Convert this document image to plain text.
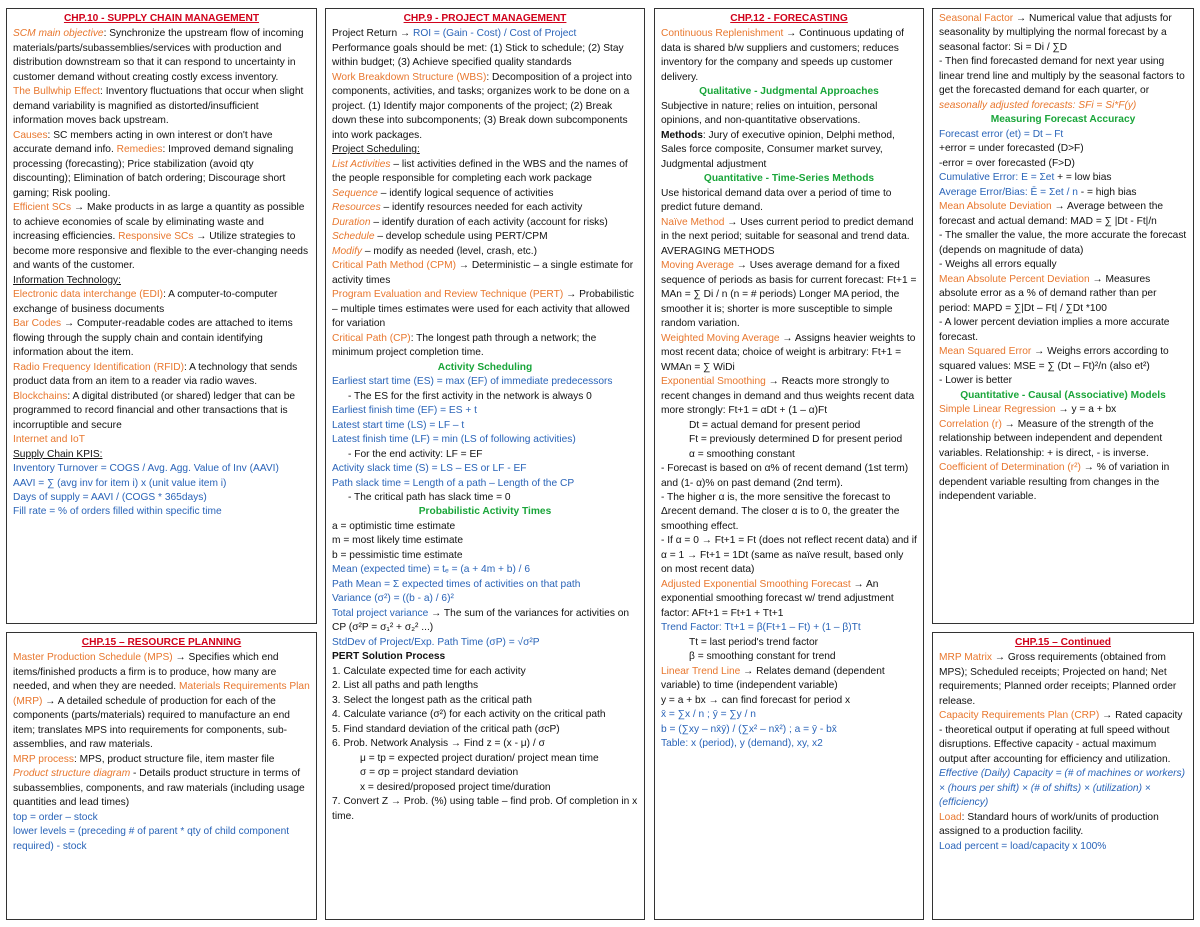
CHP.10 - SUPPLY CHAIN MANAGEMENT

SCM main objective: Synchronize the upstream flow of incoming materials/parts/subassemblies/services with production and distribution downstream so that it can respond to uncertainty in customer demand without creating costly excess inventory.

The Bullwhip Effect: Inventory fluctuations that occur when slight demand variability is magnified as distorted/insufficient information moves back upstream.

Causes: SC members acting in own interest or don't have accurate demand info. Remedies: Improved demand signaling processing (forecasting); Price stabilization (avoid qty discounting); Elimination of batch ordering; Discourage short gaming; Risk pooling.

Efficient SCs → Make products in as large a quantity as possible to achieve economies of scale by eliminating waste and increasing efficiencies. Responsive SCs → Utilize strategies to become more responsive and flexible to the ever-changing needs and wants of the customer.

Information Technology:

Electronic data interchange (EDI): A computer-to-computer exchange of business documents

Bar Codes → Computer-readable codes are attached to items flowing through the supply chain and contain identifying information about the item.

Radio Frequency Identification (RFID): A technology that sends product data from an item to a reader via radio waves.

Blockchains: A digital distributed (or shared) ledger that can be programmed to record financial and other transactions that is incorruptible and secure

Internet and IoT

Supply Chain KPIS:

Inventory Turnover = COGS / Avg. Agg. Value of Inv (AAVI)

AAVI = ∑ (avg inv for item i) x (unit value item i)

Days of supply = AAVI / (COGS * 365days)

Fill rate = % of orders filled within specific time

CHP.15 – RESOURCE PLANNING

Master Production Schedule (MPS) → Specifies which end items/finished products a firm is to produce, how many are needed, and when they are needed. Materials Requirements Plan (MRP) → A detailed schedule of production for each of the components (parts/materials) required to manufacture an end item; translates MPS into requirements for components, sub-assemblies, and raw materials.

MRP process: MPS, product structure file, item master file

Product structure diagram - Details product structure in terms of subassemblies, components, and raw materials (including usage quantities and lead times)

top = order – stock

lower levels = (preceding # of parent * qty of child component required) - stock

CHP.9 - PROJECT MANAGEMENT

Project Return → ROI = (Gain - Cost) / Cost of Project

Performance goals should be met: (1) Stick to schedule; (2) Stay within budget; (3) Achieve specified quality standards

Work Breakdown Structure (WBS): Decomposition of a project into components, activities, and tasks; organizes work to be done on a project. (1) Identify major components of the project; (2) Break down these into subcomponents; (3) Break down subcomponents into work packages.

Project Scheduling:

List Activities – list activities defined in the WBS and the names of the people responsible for completing each work package

Sequence – identify logical sequence of activities

Resources – identify resources needed for each activity

Duration – identify duration of each activity (account for risks)

Schedule – develop schedule using PERT/CPM

Modify – modify as needed (level, crash, etc.)

Critical Path Method (CPM) → Deterministic – a single estimate for activity times

Program Evaluation and Review Technique (PERT) → Probabilistic – multiple times estimates were used for each activity that allowed for variation

Critical Path (CP): The longest path through a network; the minimum project completion time.

Activity Scheduling

Earliest start time (ES) = max (EF) of immediate predecessors

- The ES for the first activity in the network is always 0

Earliest finish time (EF) = ES + t

Latest start time (LS) = LF – t

Latest finish time (LF) = min (LS of following activities)

- For the end activity: LF = EF

Activity slack time (S) = LS – ES or LF - EF

Path slack time = Length of a path – Length of the CP

- The critical path has slack time = 0

Probabilistic Activity Times

a = optimistic time estimate

m = most likely time estimate

b = pessimistic time estimate

Mean (expected time) = tₑ = (a + 4m + b) / 6

Path Mean = Σ expected times of activities on that path

Variance (σ²) = ((b - a) / 6)²

Total project variance → The sum of the variances for activities on CP (σ²P = σ₁² + σ₂² ...)

StdDev of Project/Exp. Path Time (σP) = √σ²P

PERT Solution Process

1. Calculate expected time for each activity

2. List all paths and path lengths

3. Select the longest path as the critical path

4. Calculate variance (σ²) for each activity on the critical path

5. Find standard deviation of the critical path (σcP)

6. Prob. Network Analysis → Find z = (x - μ) / σ

μ = tp = expected project duration/ project mean time

σ = σp = project standard deviation

x = desired/proposed project time/duration

7. Convert Z → Prob. (%) using table – find prob. Of completion in x time.

CHP.12 - FORECASTING

Continuous Replenishment → Continuous updating of data is shared b/w suppliers and customers; reduces inventory for the company and speeds up customer delivery.

Qualitative - Judgmental Approaches

Subjective in nature; relies on intuition, personal opinions, and non-quantitative observations.

Methods: Jury of executive opinion, Delphi method, Sales force composite, Consumer market survey, Judgmental adjustment

Quantitative - Time-Series Methods

Use historical demand data over a period of time to predict future demand.

Naïve Method → Uses current period to predict demand in the next period; suitable for seasonal and trend data.

AVERAGING METHODS

Moving Average → Uses average demand for a fixed sequence of periods as basis for current forecast: Ft+1 = MAn = ∑ Di / n (n = # periods) Longer MA period, the smoother it is; shorter is more susceptible to simple random variation.

Weighted Moving Average → Assigns heavier weights to most recent data; choice of weight is arbitrary: Ft+1 = WMAn = ∑ WiDi

Exponential Smoothing → Reacts more strongly to recent changes in demand and thus weights recent data more strongly: Ft+1 = αDt + (1 – α)Ft

Dt = actual demand for present period

Ft = previously determined D for present period

α = smoothing constant

- Forecast is based on α% of recent demand (1st term) and (1- α)% on past demand (2nd term).

- The higher α is, the more sensitive the forecast to Δrecent demand. The closer α is to 0, the greater the smoothing effect.

- If α = 0 → Ft+1 = Ft (does not reflect recent data) and if α = 1 → Ft+1 = 1Dt (same as naïve result, based only on most recent data)

Adjusted Exponential Smoothing Forecast → An exponential smoothing forecast w/ trend adjustment factor: AFt+1 = Ft+1 + Tt+1

Trend Factor: Tt+1 = β(Ft+1 – Ft) + (1 – β)Tt

Tt = last period's trend factor

β = smoothing constant for trend

Linear Trend Line → Relates demand (dependent variable) to time (independent variable)

y = a + bx → can find forecast for period x

x̄ = ∑x / n ; ȳ = ∑y / n

b = (∑xy – nx̄ȳ) / (∑x² – nx̄²) ; a = ȳ - bx̄

Table: x (period), y (demand), xy, x2

Seasonal Factor → Numerical value that adjusts for seasonality by multiplying the normal forecast by a seasonal factor: Si = Di / ∑D

- Then find forecasted demand for next year using linear trend line and multiply by the seasonal factors to get the forecasted demand for each quarter, or seasonally adjusted forecasts: SFi = Si*F(y)

Measuring Forecast Accuracy

Forecast error (et) = Dt – Ft

+error = under forecasted (D>F)

-error = over forecasted (F>D)

Cumulative Error: E = Σet + = low bias

Average Error/Bias: Ē = Σet / n - = high bias

Mean Absolute Deviation → Average between the forecast and actual demand: MAD = ∑ |Dt - Ft|/n

- The smaller the value, the more accurate the forecast (depends on magnitude of data)

- Weighs all errors equally

Mean Absolute Percent Deviation → Measures absolute error as a % of demand rather than per period: MAPD = ∑|Dt – Ft| / ∑Dt *100

- A lower percent deviation implies a more accurate forecast.

Mean Squared Error → Weighs errors according to squared values: MSE = ∑ (Dt – Ft)²/n (also et²)

- Lower is better

Quantitative - Causal (Associative) Models

Simple Linear Regression → y = a + bx

Correlation (r) → Measure of the strength of the relationship between independent and dependent variables. Relationship: + is direct, - is inverse.

Coefficient of Determination (r²) → % of variation in dependent variable resulting from changes in the independent variable.

CHP.15 – Continued

MRP Matrix → Gross requirements (obtained from MPS); Scheduled receipts; Projected on hand; Net requirements; Planned order receipts; Planned order release.

Capacity Requirements Plan (CRP) → Rated capacity - theoretical output if operating at full speed without disruptions. Effective capacity - actual maximum output after accounting for efficiency and utilization.

Effective (Daily) Capacity = (# of machines or workers) × (hours per shift) × (# of shifts) × (utilization) × (efficiency)

Load: Standard hours of work/units of production assigned to a production facility.

Load percent = load/capacity x 100%
